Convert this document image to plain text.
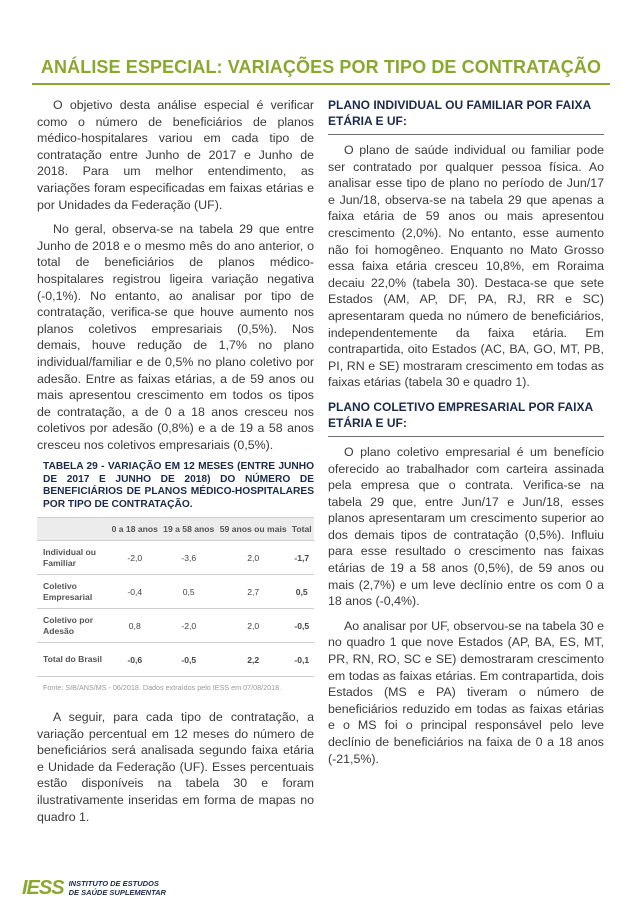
ANÁLISE ESPECIAL: VARIAÇÕES POR TIPO DE CONTRATAÇÃO

O objetivo desta análise especial é verificar como o número de beneficiários de planos médico-hospitalares variou em cada tipo de contratação entre Junho de 2017 e Junho de 2018. Para um melhor entendimento, as variações foram especificadas em faixas etárias e por Unidades da Federação (UF).

No geral, observa-se na tabela 29 que entre Junho de 2018 e o mesmo mês do ano anterior, o total de beneficiários de planos médico-hospitalares registrou ligeira variação negativa (-0,1%). No entanto, ao analisar por tipo de contratação, verifica-se que houve aumento nos planos coletivos empresariais (0,5%). Nos demais, houve redução de 1,7% no plano individual/familiar e de 0,5% no plano coletivo por adesão. Entre as faixas etárias, a de 59 anos ou mais apresentou crescimento em todos os tipos de contratação, a de 0 a 18 anos cresceu nos coletivos por adesão (0,8%) e a de 19 a 58 anos cresceu nos coletivos empresariais (0,5%).

TABELA 29 - VARIAÇÃO EM 12 MESES (ENTRE JUNHO DE 2017 E JUNHO DE 2018) DO NÚMERO DE BENEFICIÁRIOS DE PLANOS MÉDICO-HOSPITALARES POR TIPO DE CONTRATAÇÃO.
	0 a 18 anos	19 a 58 anos	59 anos ou mais	Total
Individual ou Familiar	-2,0	-3,6	2,0	-1,7
Coletivo Empresarial	-0,4	0,5	2,7	0,5
Coletivo por Adesão	0,8	-2,0	2,0	-0,5
Total do Brasil	-0,6	-0,5	2,2	-0,1
Fonte: SIB/ANS/MS - 06/2018. Dados extraídos pelo IESS em 07/08/2018.

A seguir, para cada tipo de contratação, a variação percentual em 12 meses do número de beneficiários será analisada segundo faixa etária e Unidade da Federação (UF). Esses percentuais estão disponíveis na tabela 30 e foram ilustrativamente inseridas em forma de mapas no quadro 1.

PLANO INDIVIDUAL OU FAMILIAR POR FAIXA ETÁRIA E UF:

O plano de saúde individual ou familiar pode ser contratado por qualquer pessoa física. Ao analisar esse tipo de plano no período de Jun/17 e Jun/18, observa-se na tabela 29 que apenas a faixa etária de 59 anos ou mais apresentou crescimento (2,0%). No entanto, esse aumento não foi homogêneo. Enquanto no Mato Grosso essa faixa etária cresceu 10,8%, em Roraima decaiu 22,0% (tabela 30). Destaca-se que sete Estados (AM, AP, DF, PA, RJ, RR e SC) apresentaram queda no número de beneficiários, independentemente da faixa etária. Em contrapartida, oito Estados (AC, BA, GO, MT, PB, PI, RN e SE) mostraram crescimento em todas as faixas etárias (tabela 30 e quadro 1).

PLANO COLETIVO EMPRESARIAL POR FAIXA ETÁRIA E UF:

O plano coletivo empresarial é um benefício oferecido ao trabalhador com carteira assinada pela empresa que o contrata. Verifica-se na tabela 29 que, entre Jun/17 e Jun/18, esses planos apresentaram um crescimento superior ao dos demais tipos de contratação (0,5%). Influiu para esse resultado o crescimento nas faixas etárias de 19 a 58 anos (0,5%), de 59 anos ou mais (2,7%) e um leve declínio entre os com 0 a 18 anos (-0,4%).

Ao analisar por UF, observou-se na tabela 30 e no quadro 1 que nove Estados (AP, BA, ES, MT, PR, RN, RO, SC e SE) demostraram crescimento em todas as faixas etárias. Em contrapartida, dois Estados (MS e PA) tiveram o número de beneficiários reduzido em todas as faixas etárias e o MS foi o principal responsável pelo leve declínio de beneficiários na faixa de 0 a 18 anos (-21,5%).

IESS INSTITUTO DE ESTUDOS
DE SAÚDE SUPLEMENTAR
